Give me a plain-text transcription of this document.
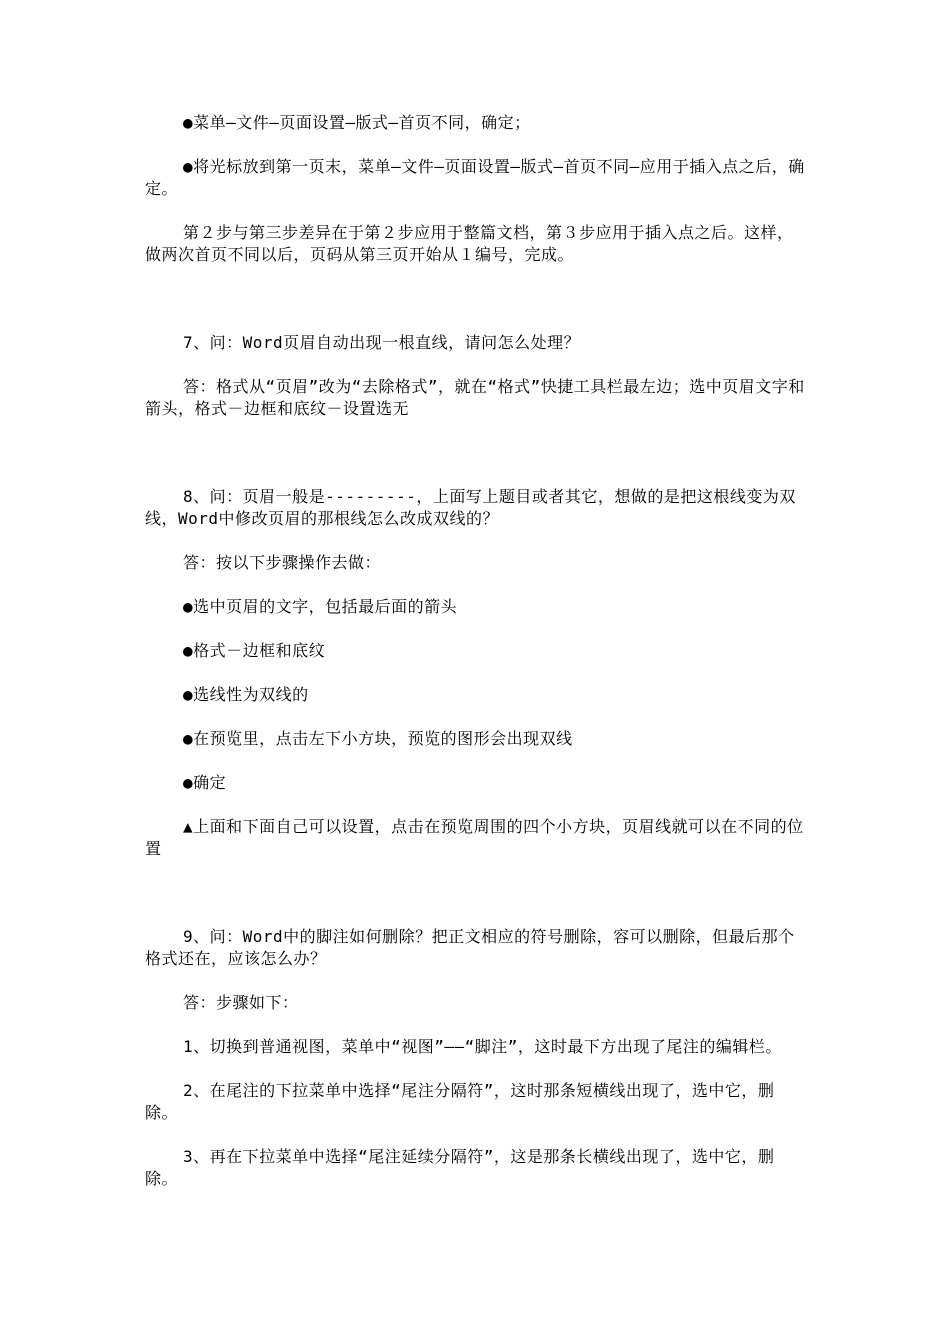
●菜单—文件—页面设置—版式—首页不同，确定；

●将光标放到第一页末，菜单—文件—页面设置—版式—首页不同—应用于插入点之后，确定。

第２步与第三步差异在于第２步应用于整篇文档，第３步应用于插入点之后。这样，做两次首页不同以后，页码从第三页开始从１编号，完成。

7、问：Word页眉自动出现一根直线，请问怎么处理？

答：格式从“页眉”改为“去除格式”，就在“格式”快捷工具栏最左边；选中页眉文字和箭头，格式－边框和底纹－设置选无

8、问：页眉一般是---------，上面写上题目或者其它，想做的是把这根线变为双线，Word中修改页眉的那根线怎么改成双线的？

答：按以下步骤操作去做：

●选中页眉的文字，包括最后面的箭头

●格式－边框和底纹

●选线性为双线的

●在预览里，点击左下小方块，预览的图形会出现双线

●确定

▲上面和下面自己可以设置，点击在预览周围的四个小方块，页眉线就可以在不同的位置

9、问：Word中的脚注如何删除？把正文相应的符号删除，容可以删除，但最后那个格式还在，应该怎么办？

答：步骤如下：

1、切换到普通视图，菜单中“视图”——“脚注”，这时最下方出现了尾注的编辑栏。

2、在尾注的下拉菜单中选择“尾注分隔符”，这时那条短横线出现了，选中它，删除。

3、再在下拉菜单中选择“尾注延续分隔符”，这是那条长横线出现了，选中它，删除。
